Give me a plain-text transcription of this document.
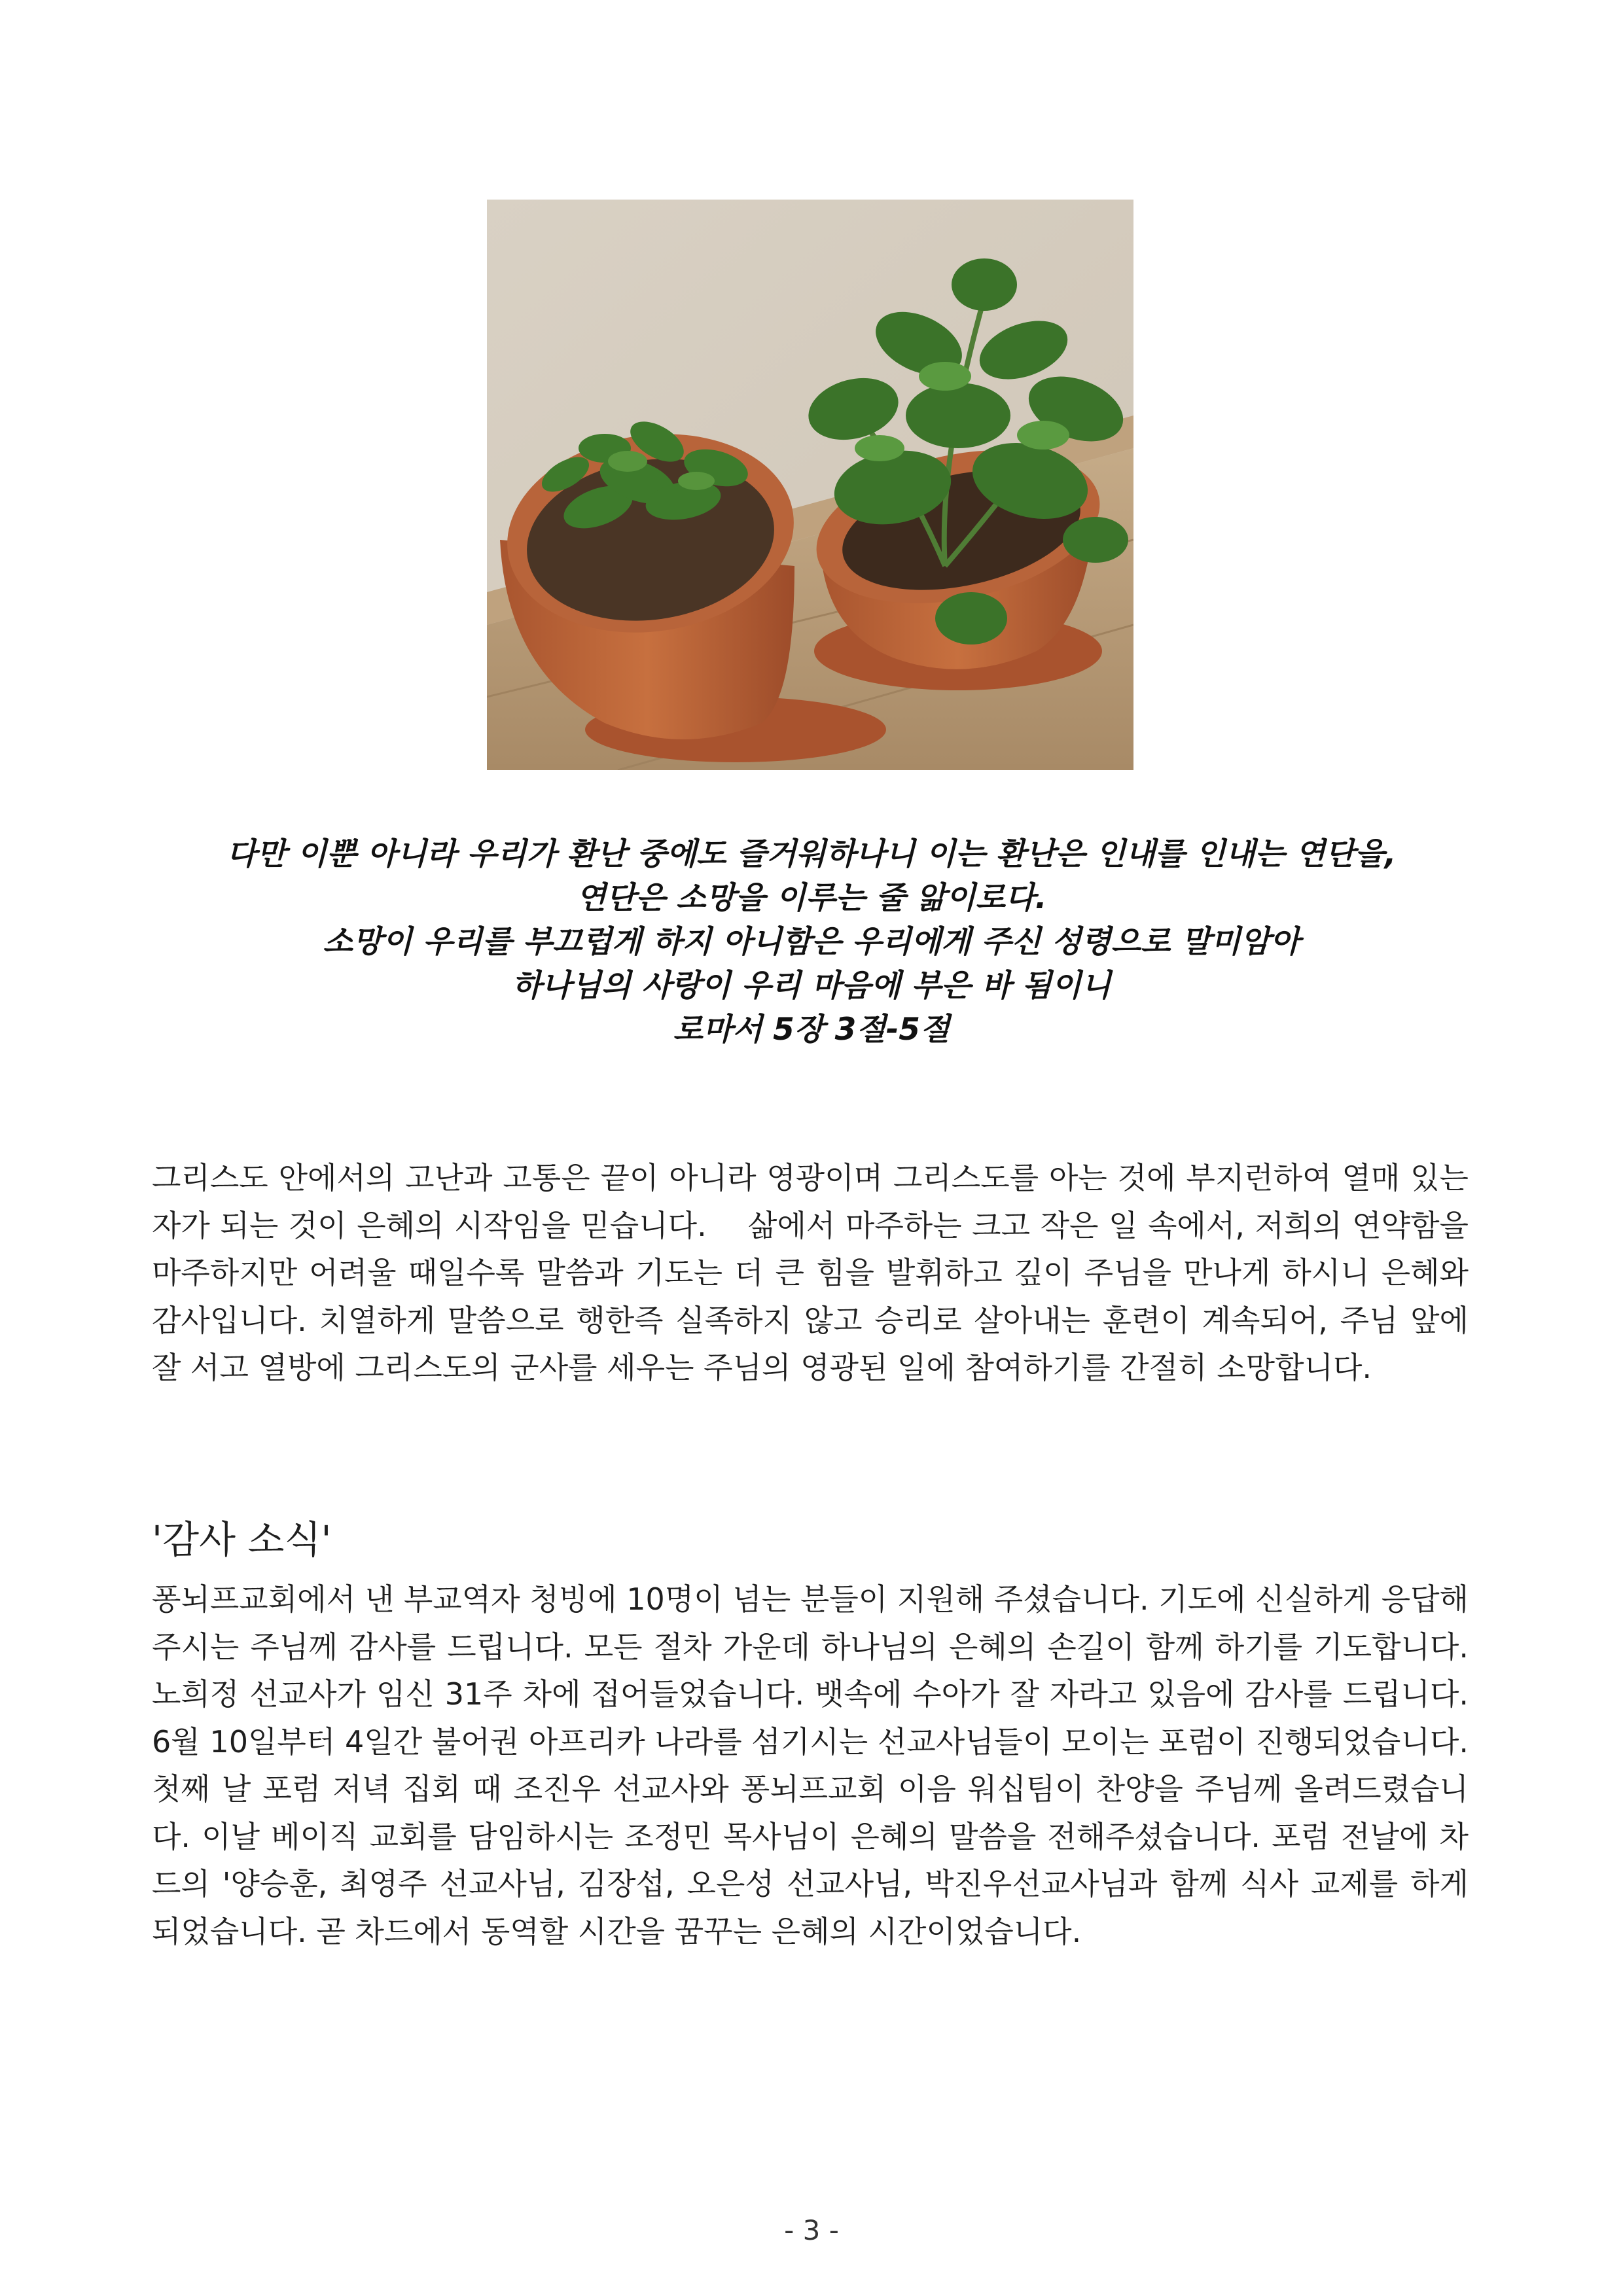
다만 이뿐 아니라 우리가 환난 중에도 즐거워하나니 이는 환난은 인내를 인내는 연단을,
연단은 소망을 이루는 줄 앎이로다.
소망이 우리를 부끄럽게 하지 아니함은 우리에게 주신 성령으로 말미암아
하나님의 사랑이 우리 마음에 부은 바 됨이니
로마서 5장 3절-5절

그리스도 안에서의 고난과 고통은 끝이 아니라 영광이며 그리스도를 아는 것에 부지런하여 열매 있는 자가 되는 것이 은혜의 시작임을 믿습니다.　 삶에서 마주하는 크고 작은 일 속에서, 저희의 연약함을 마주하지만 어려울 때일수록 말씀과 기도는 더 큰 힘을 발휘하고 깊이 주님을 만나게 하시니 은혜와 감사입니다. 치열하게 말씀으로 행한즉 실족하지 않고 승리로 살아내는 훈련이 계속되어, 주님 앞에 잘 서고 열방에 그리스도의 군사를 세우는 주님의 영광된 일에 참여하기를 간절히 소망합니다.

'감사 소식'

퐁뇌프교회에서 낸 부교역자 청빙에 10명이 넘는 분들이 지원해 주셨습니다. 기도에 신실하게 응답해 주시는 주님께 감사를 드립니다. 모든 절차 가운데 하나님의 은혜의 손길이 함께 하기를 기도합니다. 노희정 선교사가 임신 31주 차에 접어들었습니다. 뱃속에 수아가 잘 자라고 있음에 감사를 드립니다. 6월 10일부터 4일간 불어권 아프리카 나라를 섬기시는 선교사님들이 모이는 포럼이 진행되었습니다. 첫째 날 포럼 저녁 집회 때 조진우 선교사와 퐁뇌프교회 이음 워십팀이 찬양을 주님께 올려드렸습니다. 이날 베이직 교회를 담임하시는 조정민 목사님이 은혜의 말씀을 전해주셨습니다. 포럼 전날에 차드의 '양승훈, 최영주 선교사님, 김장섭, 오은성 선교사님, 박진우선교사님과 함께 식사 교제를 하게 되었습니다. 곧 차드에서 동역할 시간을 꿈꾸는 은혜의 시간이었습니다.

- 3 -
